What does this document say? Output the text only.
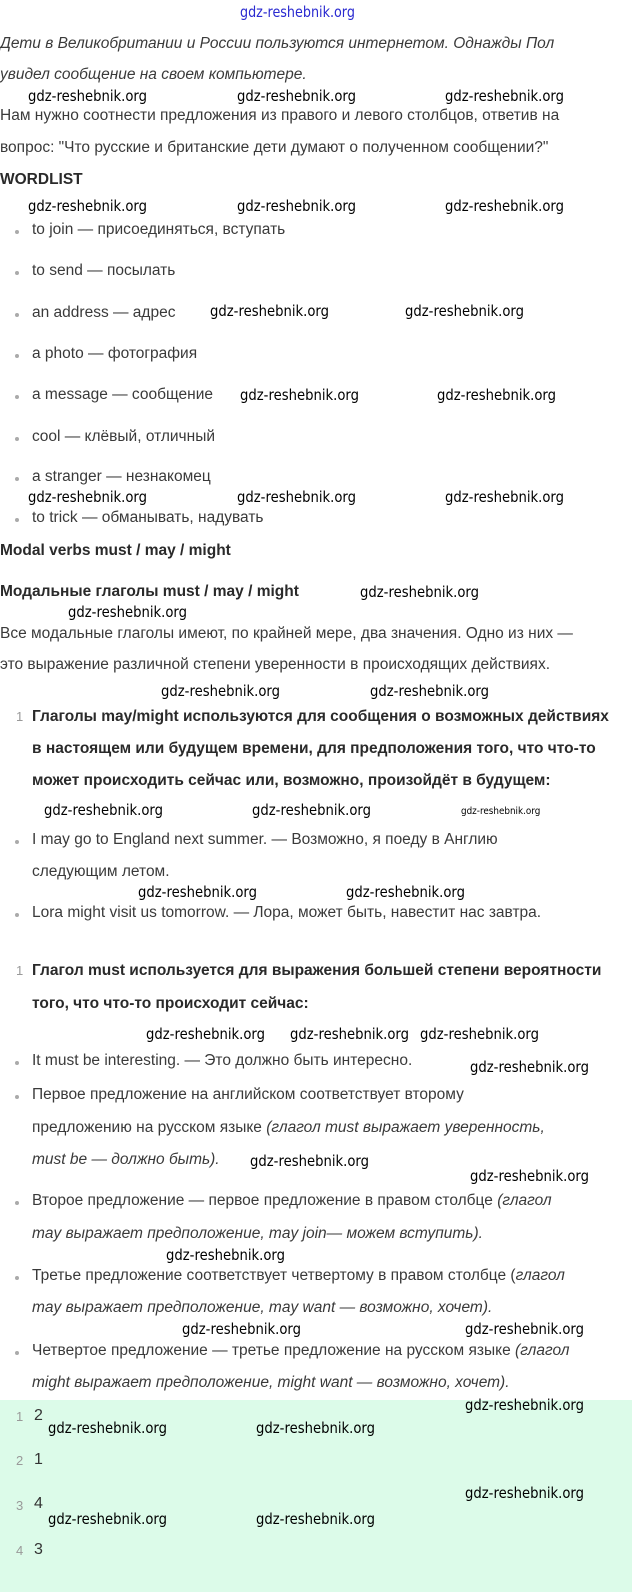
gdz-reshebnik.org
Дети в Великобритании и России пользуются интернетом. Однажды Пол
увидел сообщение на своем компьютере.
Нам нужно соотнести предложения из правого и левого столбцов, ответив на
вопрос: "Что русские и британские дети думают о полученном сообщении?"
WORDLIST
to join — присоединяться, вступать
to send — посылать
an address — адрес
a photo — фотография
a message — сообщение
cool — клёвый, отличный
a stranger — незнакомец
to trick — обманывать, надувать
Modal verbs must / may / might
Модальные глаголы must / may / might
Все модальные глаголы имеют, по крайней мере, два значения. Одно из них —
это выражение различной степени уверенности в происходящих действиях.
1 Глаголы may/might используются для сообщения о возможных действиях
в настоящем или будущем времени, для предположения того, что что-то
может происходить сейчас или, возможно, произойдёт в будущем:
I may go to England next summer. — Возможно, я поеду в Англию
следующим летом.
Lora might visit us tomorrow. — Лора, может быть, навестит нас завтра.
1 Глагол must используется для выражения большей степени вероятности
того, что что-то происходит сейчас:
It must be interesting. — Это должно быть интересно.
Первое предложение на английском соответствует второму
предложению на русском языке (глагол must выражает уверенность,
must be — должно быть).
Второе предложение — первое предложение в правом столбце (глагол
may выражает предположение, may join— можем вступить).
Третье предложение соответствует четвертому в правом столбце (глагол
may выражает предположение, may want — возможно, хочет).
Четвертое предложение — третье предложение на русском языке (глагол
might выражает предположение, might want — возможно, хочет).
1 2
2 1
3 4
4 3
gdz-reshebnik.org	gdz-reshebnik.org	gdz-reshebnik.org
gdz-reshebnik.org	gdz-reshebnik.org	gdz-reshebnik.org
gdz-reshebnik.org	gdz-reshebnik.org
gdz-reshebnik.org	gdz-reshebnik.org
gdz-reshebnik.org	gdz-reshebnik.org	gdz-reshebnik.org
gdz-reshebnik.org
gdz-reshebnik.org
gdz-reshebnik.org
gdz-reshebnik.org
gdz-reshebnik.org	gdz-reshebnik.org	gdz-reshebnik.org
gdz-reshebnik.org	gdz-reshebnik.org
gdz-reshebnik.org	gdz-reshebnik.org
gdz-reshebnik.org
gdz-reshebnik.org
gdz-reshebnik.org
gdz-reshebnik.org
gdz-reshebnik.org
gdz-reshebnik.org
gdz-reshebnik.org
gdz-reshebnik.org
gdz-reshebnik.org	gdz-reshebnik.org
gdz-reshebnik.org
gdz-reshebnik.org	gdz-reshebnik.org
